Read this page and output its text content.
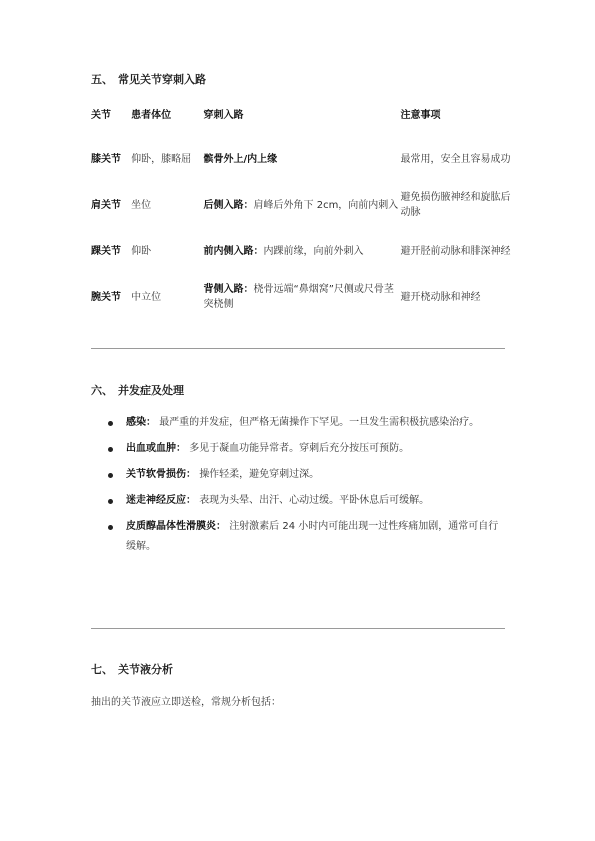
五、 常见关节穿刺入路
关节	患者体位	穿刺入路	注意事项
膝关节	仰卧，膝略屈	髌骨外上/内上缘	最常用，安全且容易成功
肩关节	坐位	后侧入路：肩峰后外角下 2cm，向前内刺入	避免损伤腋神经和旋肱后动脉
踝关节	仰卧	前内侧入路：内踝前缘，向前外刺入	避开胫前动脉和腓深神经
腕关节	中立位	背侧入路：桡骨远端“鼻烟窝”尺侧或尺骨茎突桡侧	避开桡动脉和神经
六、 并发症及处理
感染： 最严重的并发症，但严格无菌操作下罕见。一旦发生需积极抗感染治疗。
出血或血肿： 多见于凝血功能异常者。穿刺后充分按压可预防。
关节软骨损伤： 操作轻柔，避免穿刺过深。
迷走神经反应： 表现为头晕、出汗、心动过缓。平卧休息后可缓解。
皮质醇晶体性滑膜炎： 注射激素后 24 小时内可能出现一过性疼痛加剧，通常可自行缓解。
七、 关节液分析
抽出的关节液应立即送检，常规分析包括：
